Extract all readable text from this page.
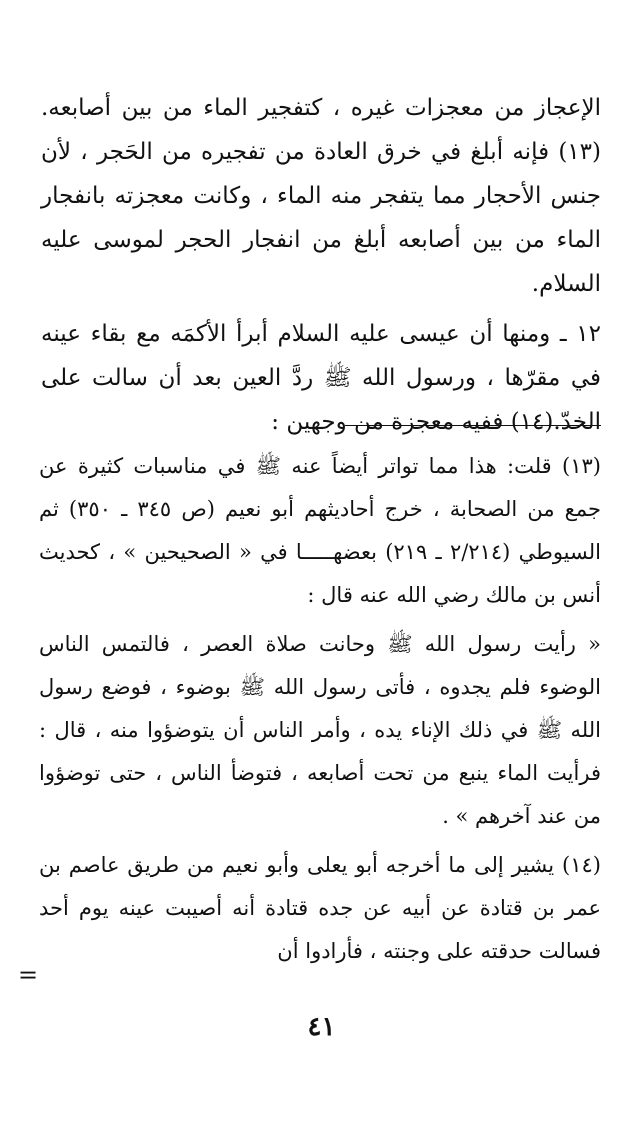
الإعجاز من معجزات غيره ، كتفجير الماء من بين أصابعه.(١٣) فإنه أبلغ في خرق العادة من تفجيره من الحَجر ، لأن جنس الأحجار مما يتفجر منه الماء ، وكانت معجزته بانفجار الماء من بين أصابعه أبلغ من انفجار الحجر لموسى عليه السلام.

١٢ ـ ومنها أن عيسى عليه السلام أبرأ الأكمَه مع بقاء عينه في مقرّها ، ورسول الله ﷺ ردَّ العين بعد أن سالت على الخدّ.(١٤) ففيه معجزة من وجهين :

(١٣) قلت: هذا مما تواتر أيضاً عنه ﷺ في مناسبات كثيرة عن جمع من الصحابة ، خرج أحاديثهم أبو نعيم (ص ٣٤٥ ـ ٣٥٠) ثم السيوطي (٢/٢١٤ ـ ٢١٩) بعضهـــــا في « الصحيحين » ، كحديث أنس بن مالك رضي الله عنه قال :

« رأيت رسول الله ﷺ وحانت صلاة العصر ، فالتمس الناس الوضوء فلم يجدوه ، فأتى رسول الله ﷺ بوضوء ، فوضع رسول الله ﷺ في ذلك الإناء يده ، وأمر الناس أن يتوضؤوا منه ، قال : فرأيت الماء ينبع من تحت أصابعه ، فتوضأ الناس ، حتى توضؤوا من عند آخرهم » .

(١٤) يشير إلى ما أخرجه أبو يعلى وأبو نعيم من طريق عاصم بن عمر بن قتادة عن أبيه عن جده قتادة أنه أصيبت عينه يوم أحد فسالت حدقته على وجنته ، فأرادوا أن

=
٤١
